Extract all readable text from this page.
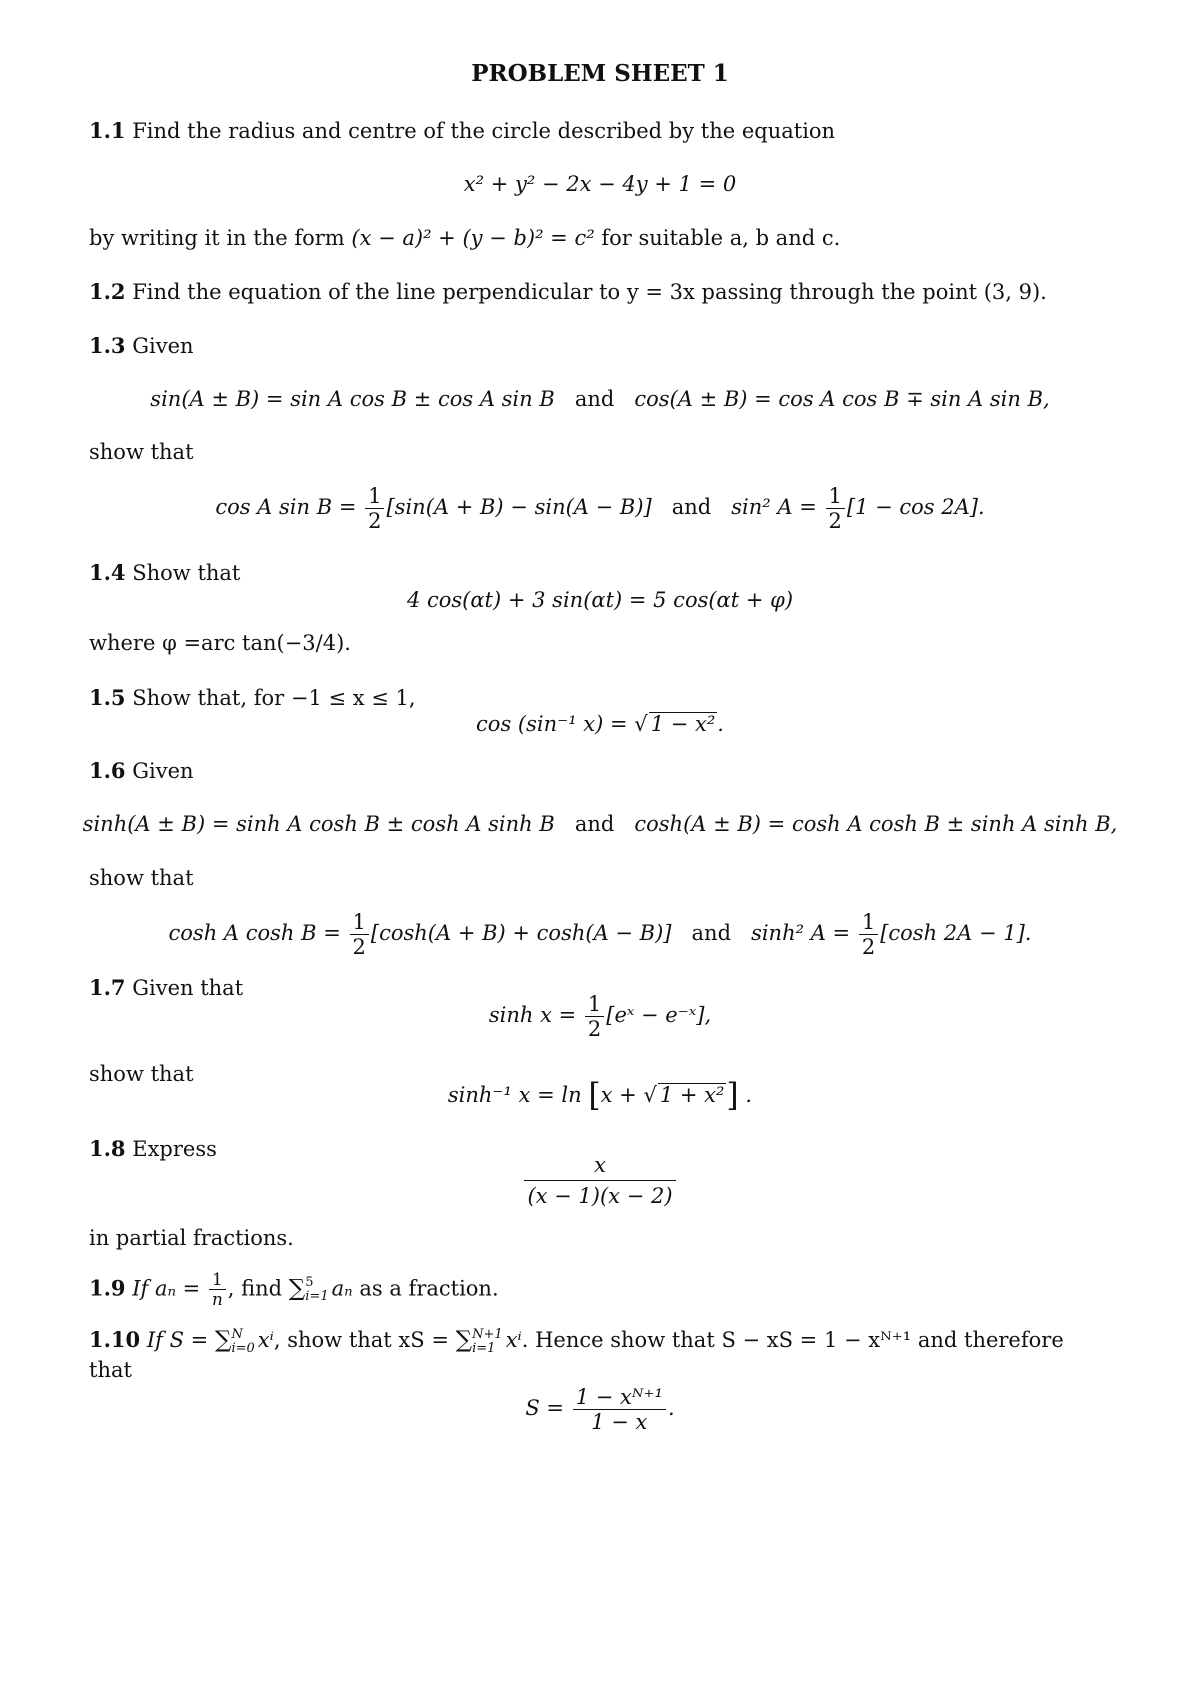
PROBLEM SHEET 1
1.1 Find the radius and centre of the circle described by the equation
x² + y² − 2x − 4y + 1 = 0
by writing it in the form (x − a)² + (y − b)² = c² for suitable a, b and c.
1.2 Find the equation of the line perpendicular to y = 3x passing through the point (3, 9).
1.3 Given
sin(A ± B) = sin A cos B ± cos A sin B and cos(A ± B) = cos A cos B ∓ sin A sin B,
show that
cos A $\sin B = \frac{1}{2} [\sin(A + B) - \sin(A - B)]$ and sin² $A = \frac{1}{2} [1 - \cos 2A]$.
1.4 Show that
4 cos(αt) + 3 sin(αt) = 5 cos(αt + φ)
where φ =arc tan(−3/4).
1.5 Show that, for −1 ≤ x ≤ 1,
cos (sin⁻¹ x) = √ 1 − x².
1.6 Given
sinh(A ± B) = sinh A cosh B ± cosh A sinh B and cosh(A ± B) = cosh A cosh B ± sinh A sinh B,
show that
cosh A $\cosh B = \frac{1}{2} [\cosh(A + B) + \cosh(A - B)]$ and sinh² $A = \frac{1}{2} [\cosh$ 2A − 1].
1.7 Given that
$\sinh x = \frac{1}{2}$ [eˣ − e⁻ˣ],
show that
sinh⁻¹ x = ln [x + √ 1 + x²] .
1.8 Express
$\frac{x}{(x - 1)(x - 2)}$
in partial fractions.
1.9 If $a_n = \frac{1}{n}$ , find ∑ 5
i=1 aₙ as a fraction.
1.10 If S = ∑ N
i=0 xⁱ, show that xS = ∑ N+1
i=1 xⁱ. Hence show that S − xS = 1 − xᴺ⁺¹ and therefore
that
$S = \frac{\text{1 − xᴺ⁺¹}}{1 - x}$ .
